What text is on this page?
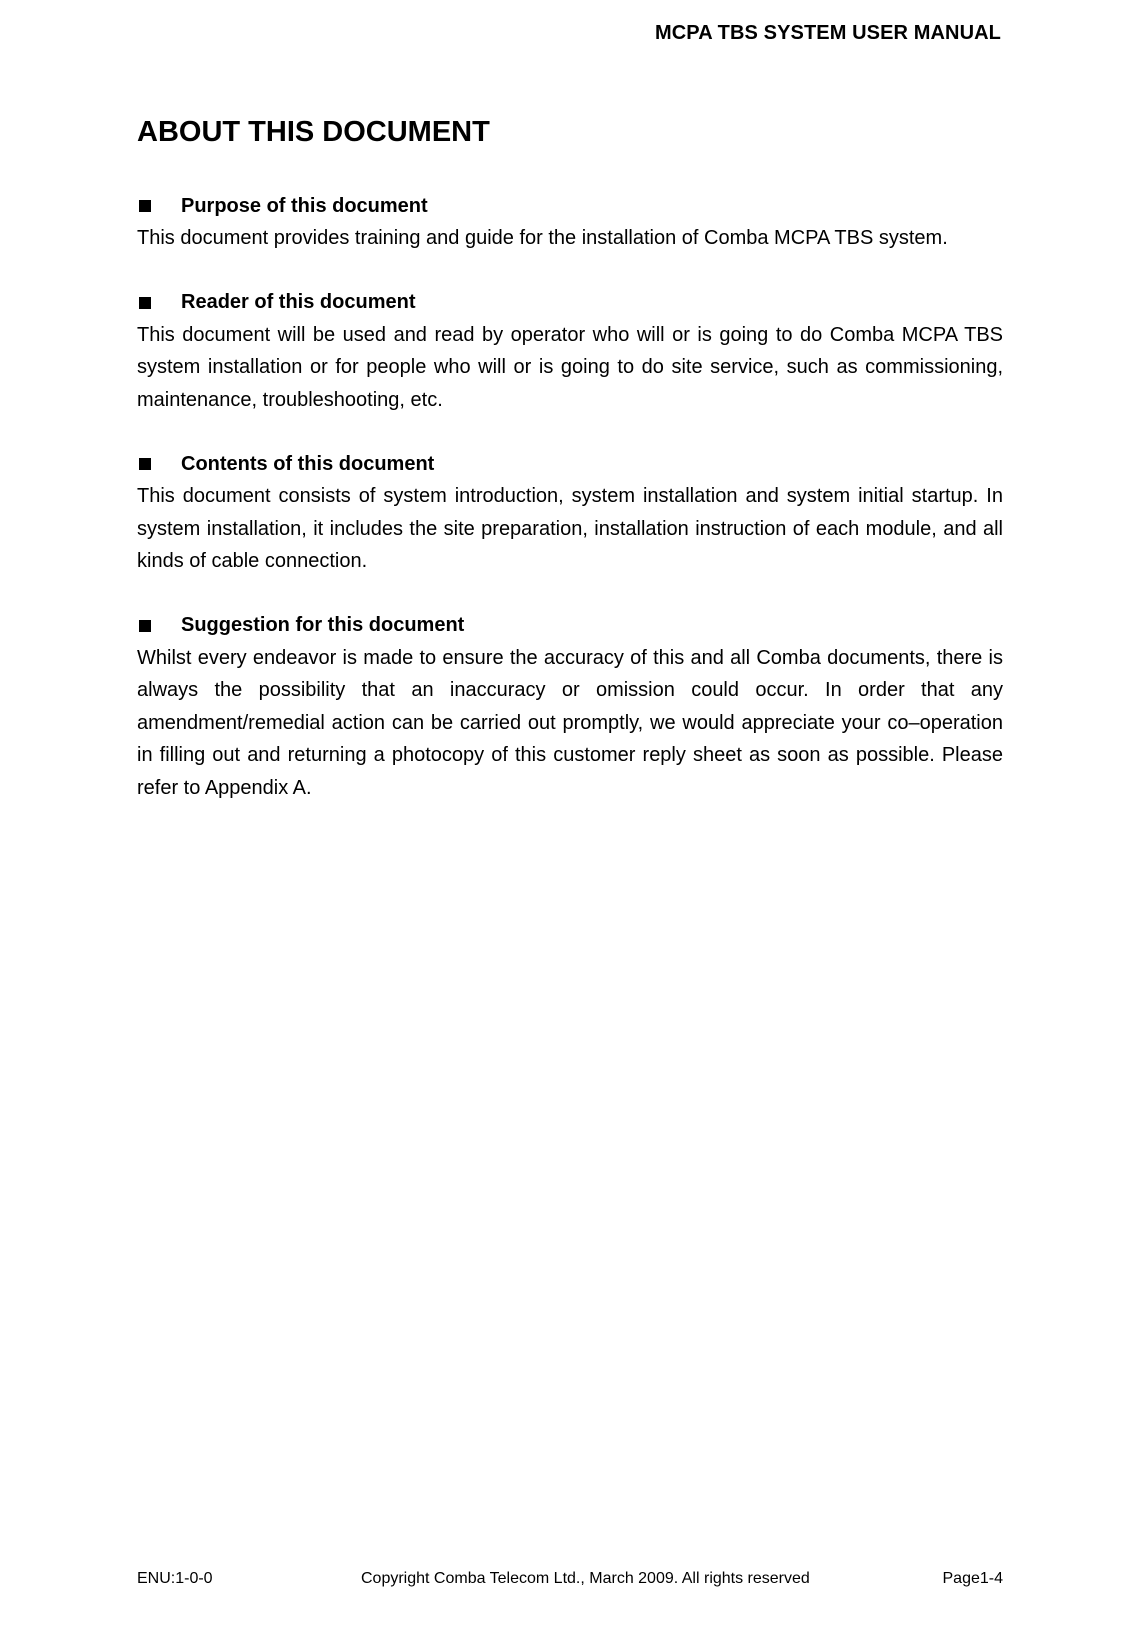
MCPA TBS SYSTEM USER MANUAL
ABOUT THIS DOCUMENT
Purpose of this document

This document provides training and guide for the installation of Comba MCPA TBS system.

Reader of this document

This document will be used and read by operator who will or is going to do Comba MCPA TBS system installation or for people who will or is going to do site service, such as commissioning, maintenance, troubleshooting, etc.

Contents of this document

This document consists of system introduction, system installation and system initial startup. In system installation, it includes the site preparation, installation instruction of each module, and all kinds of cable connection.

Suggestion for this document

Whilst every endeavor is made to ensure the accuracy of this and all Comba documents, there is always the possibility that an inaccuracy or omission could occur. In order that any amendment/remedial action can be carried out promptly, we would appreciate your co–operation in filling out and returning a photocopy of this customer reply sheet as soon as possible. Please refer to Appendix A.

ENU:1-0-0	Copyright Comba Telecom Ltd., March 2009. All rights reserved	Page1-4
